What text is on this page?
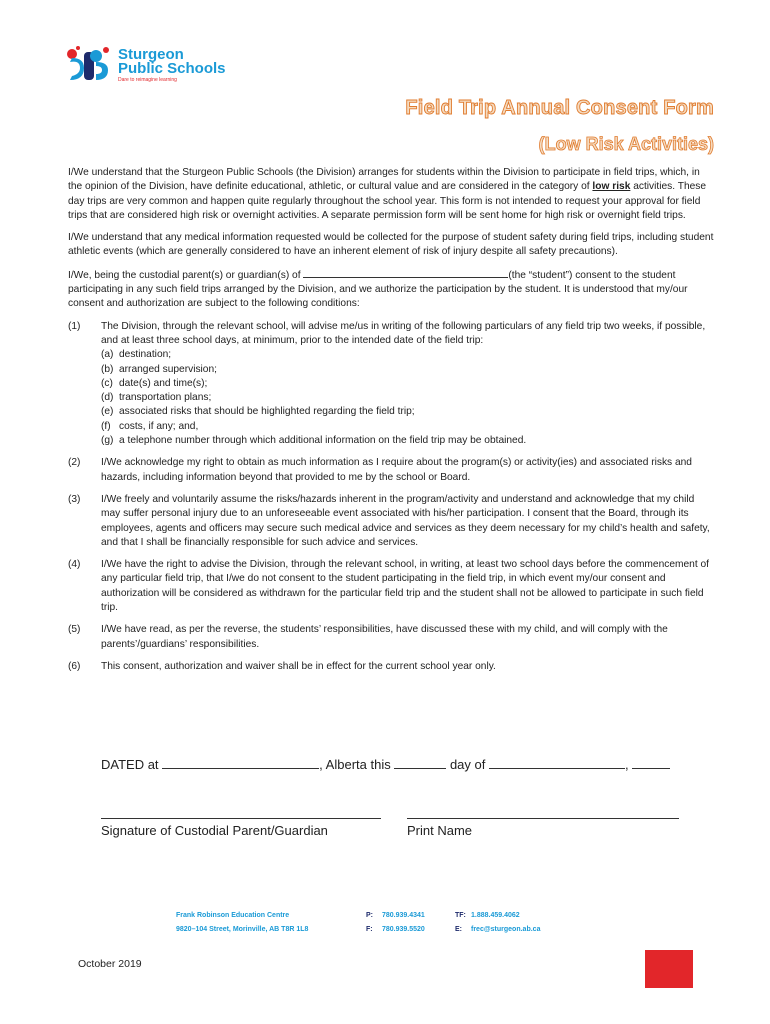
Sturgeon
Public Schools
Dare to reimagine learning
Field Trip Annual Consent Form
(Low Risk Activities)

I/We understand that the Sturgeon Public Schools (the Division) arranges for students within the Division to participate in field trips, which, in the opinion of the Division, have definite educational, athletic, or cultural value and are considered in the category of low risk activities. These day trips are very common and happen quite regularly throughout the school year. This form is not intended to request your approval for field trips that are considered high risk or overnight activities. A separate permission form will be sent home for high risk or overnight field trips.

I/We understand that any medical information requested would be collected for the purpose of student safety during field trips, including student athletic events (which are generally considered to have an inherent element of risk of injury despite all safety precautions).

I/We, being the custodial parent(s) or guardian(s) of	(the “student”) consent to the student participating in any such field trips arranged by the Division, and we authorize the participation by the student. It is understood that my/our consent and authorization are subject to the following conditions:

(1)	The Division, through the relevant school, will advise me/us in writing of the following particulars of any field trip two weeks, if possible, and at least three school days, at minimum, prior to the intended date of the field trip:
(a) destination;
(b) arranged supervision;
(c) date(s) and time(s);
(d) transportation plans;
(e) associated risks that should be highlighted regarding the field trip;
(f) costs, if any; and,
(g) a telephone number through which additional information on the field trip may be obtained.
(2)	I/We acknowledge my right to obtain as much information as I require about the program(s) or activity(ies) and associated risks and hazards, including information beyond that provided to me by the school or Board.
(3)	I/We freely and voluntarily assume the risks/hazards inherent in the program/activity and understand and acknowledge that my child may suffer personal injury due to an unforeseeable event associated with his/her participation. I consent that the Board, through its employees, agents and officers may secure such medical advice and services as they deem necessary for my child’s health and safety, and that I shall be financially responsible for such advice and services.
(4)	I/We have the right to advise the Division, through the relevant school, in writing, at least two school days before the commencement of any particular field trip, that I/we do not consent to the student participating in the field trip, in which event my/our consent and authorization will be considered as withdrawn for the particular field trip and the student shall not be allowed to participate in such field trip.
(5)	I/We have read, as per the reverse, the students’ responsibilities, have discussed these with my child, and will comply with the parents’/guardians’ responsibilities.
(6)	This consent, authorization and waiver shall be in effect for the current school year only.
DATED at	, Alberta this	day of	,
Signature of Custodial Parent/Guardian	Print Name
Frank Robinson Education Centre
9820–104 Street, Morinville, AB T8R 1L8
P: 780.939.4341
F: 780.939.5520
TF: 1.888.459.4062
E: frec@sturgeon.ab.ca
October 2019
